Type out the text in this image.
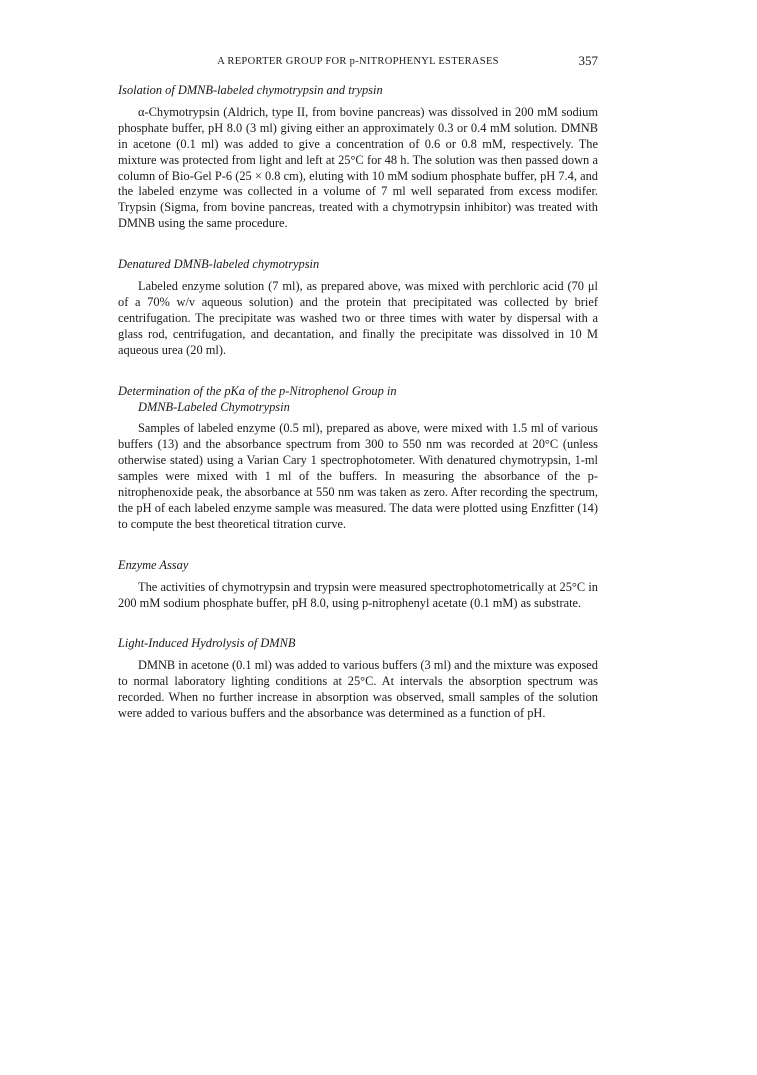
A REPORTER GROUP FOR p-NITROPHENYL ESTERASES	357

Isolation of DMNB-labeled chymotrypsin and trypsin

α-Chymotrypsin (Aldrich, type II, from bovine pancreas) was dissolved in 200 mM sodium phosphate buffer, pH 8.0 (3 ml) giving either an approximately 0.3 or 0.4 mM solution. DMNB in acetone (0.1 ml) was added to give a concentration of 0.6 or 0.8 mM, respectively. The mixture was protected from light and left at 25°C for 48 h. The solution was then passed down a column of Bio-Gel P-6 (25 × 0.8 cm), eluting with 10 mM sodium phosphate buffer, pH 7.4, and the labeled enzyme was collected in a volume of 7 ml well separated from excess modifer. Trypsin (Sigma, from bovine pancreas, treated with a chymotrypsin inhibitor) was treated with DMNB using the same procedure.

Denatured DMNB-labeled chymotrypsin

Labeled enzyme solution (7 ml), as prepared above, was mixed with perchloric acid (70 μl of a 70% w/v aqueous solution) and the protein that precipitated was collected by brief centrifugation. The precipitate was washed two or three times with water by dispersal with a glass rod, centrifugation, and decantation, and finally the precipitate was dissolved in 10 M aqueous urea (20 ml).

Determination of the pKa of the p-Nitrophenol Group in
DMNB-Labeled Chymotrypsin

Samples of labeled enzyme (0.5 ml), prepared as above, were mixed with 1.5 ml of various buffers (13) and the absorbance spectrum from 300 to 550 nm was recorded at 20°C (unless otherwise stated) using a Varian Cary 1 spectrophotometer. With denatured chymotrypsin, 1-ml samples were mixed with 1 ml of the buffers. In measuring the absorbance of the p-nitrophenoxide peak, the absorbance at 550 nm was taken as zero. After recording the spectrum, the pH of each labeled enzyme sample was measured. The data were plotted using Enzfitter (14) to compute the best theoretical titration curve.

Enzyme Assay

The activities of chymotrypsin and trypsin were measured spectrophotometrically at 25°C in 200 mM sodium phosphate buffer, pH 8.0, using p-nitrophenyl acetate (0.1 mM) as substrate.

Light-Induced Hydrolysis of DMNB

DMNB in acetone (0.1 ml) was added to various buffers (3 ml) and the mixture was exposed to normal laboratory lighting conditions at 25°C. At intervals the absorption spectrum was recorded. When no further increase in absorption was observed, small samples of the solution were added to various buffers and the absorbance was determined as a function of pH.
